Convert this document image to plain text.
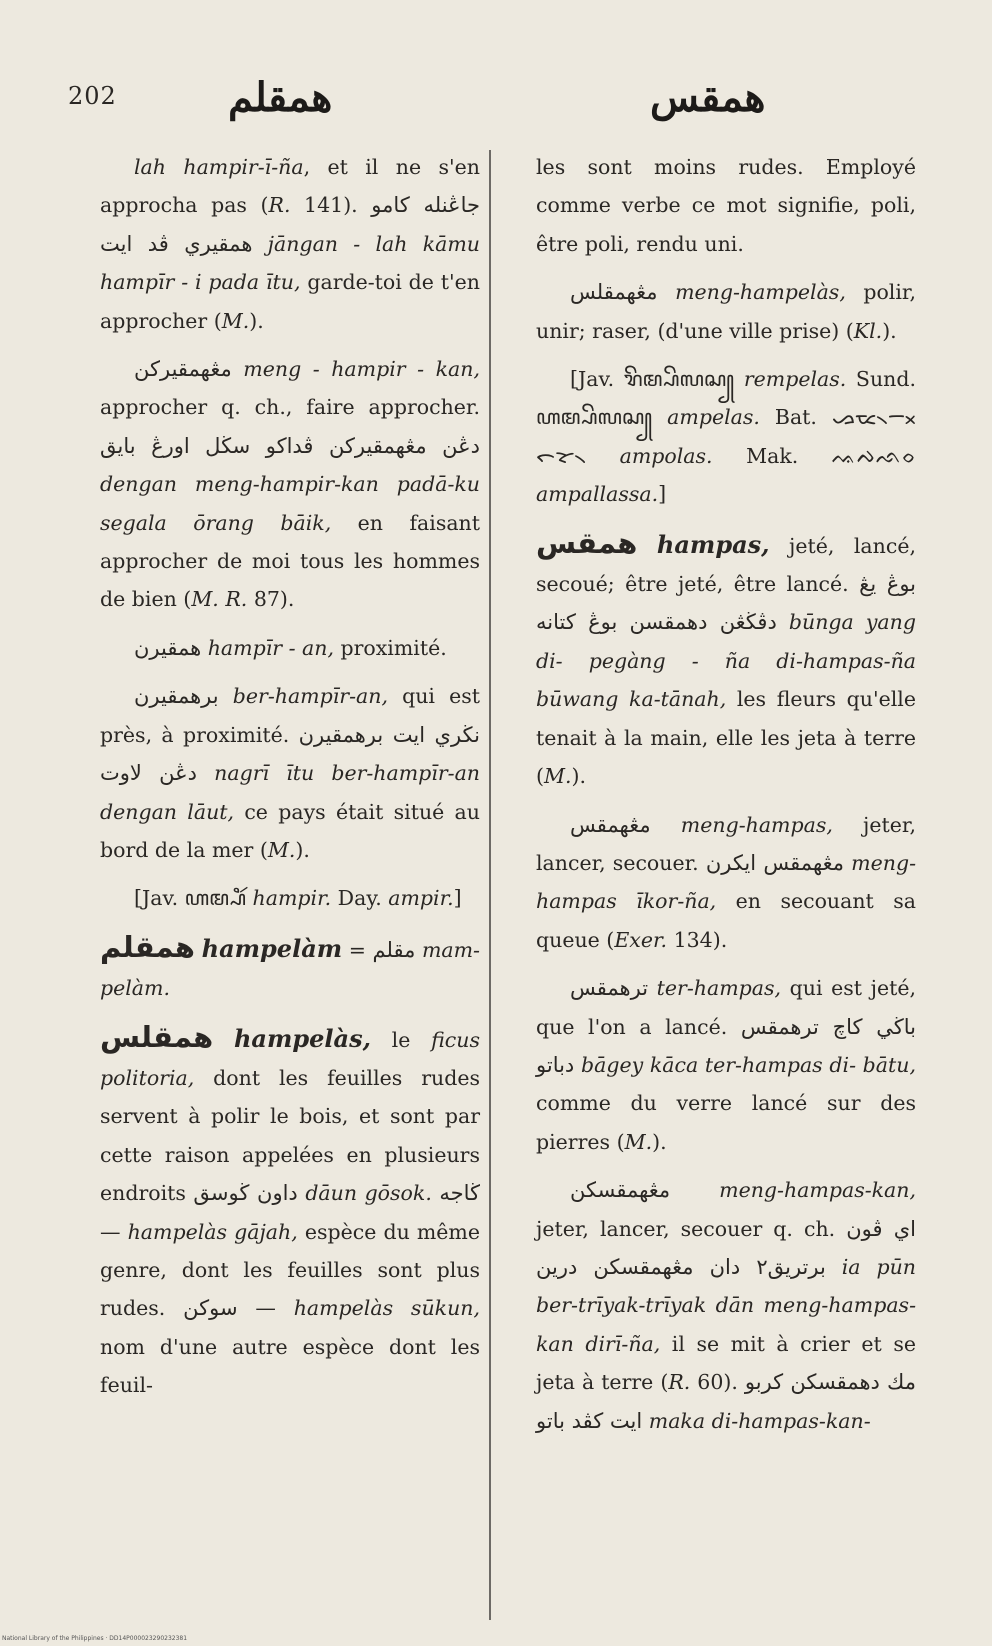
202	همقلم	همقس

lah hampir-ī-ña, et il ne s'en approcha pas (R. 141). جاڠنله كامو همقيري ڤد ايت jāngan - lah kāmu hampīr - i pada ītu, garde-toi de t'en approcher (M.).

مڠهمقيركن meng - hampir - kan, approcher q. ch., faire approcher. دڠن مڠهمقيركن ڤداكو سڬل اورڠ بايق dengan meng-hampir-kan padā-ku segala ōrang bāik, en faisant approcher de moi tous les hommes de bien (M. R. 87).

همقيرن hampīr - an, proximité.

برهمقيرن ber-hampīr-an, qui est près, à proximité. نڬري ايت برهمقيرن دڠن لاوت nagrī ītu ber-hampīr-an dengan lāut, ce pays était situé au bord de la mer (M.).

[Jav. ꦲꦩ꧀ꦥꦶꦂ hampir. Day. ampir.]

همقلم hampelàm = مقلم mam-pelàm.

همقلس hampelàs, le ficus politoria, dont les feuilles rudes servent à polir le bois, et sont par cette raison appelées en plusieurs endroits داون ڬوسق dāun gōsok. ڬاجه — hampelàs gājah, espèce du même genre, dont les feuilles sont plus rudes. سوكن — hampelàs sūkun, nom d'une autre espèce dont les feuil-

les sont moins rudes. Employé comme verbe ce mot signifie, poli, être poli, rendu uni.

مڠهمقلس meng-hampelàs, polir, unir; raser, (d'une ville prise) (Kl.).

[Jav. ꦫꦼꦩ꧀ꦥꦼꦭꦱ꧀ rempelas. Sund. ꦲꦩ꧀ꦥꦼꦭꦱ꧀ ampelas. Bat. ᯀᯔ᯲ᯇᯬᯞᯘ᯲ ampolas. Mak. ᨕᨄᨒᨔ ampallassa.]

همقس hampas, jeté, lancé, secoué; être jeté, être lancé. بوڠ يڠ دڤڬڠن دهمقسن بوڠ كتانه būnga yang di- pegàng - ña di-hampas-ña būwang ka-tānah, les fleurs qu'elle tenait à la main, elle les jeta à terre (M.).

مڠهمقس meng-hampas, jeter, lancer, secouer. مڠهمقس ايكرن meng-hampas īkor-ña, en secouant sa queue (Exer. 134).

ترهمقس ter-hampas, qui est jeté, que l'on a lancé. باڬي كاچ ترهمقس دباتو bāgey kāca ter-hampas di- bātu, comme du verre lancé sur des pierres (M.).

مڠهمقسكن meng-hampas-kan, jeter, lancer, secouer q. ch. اي ڤون برتريق٢ دان مڠهمقسكن درين ia pūn ber-trīyak-trīyak dān meng-hampas-kan dirī-ña, il se mit à crier et se jeta à terre (R. 60). مك دهمقسكن كربو ايت كڤد باتو maka di-hampas-kan-

National Library of the Philippines · DD14P000023290232381
